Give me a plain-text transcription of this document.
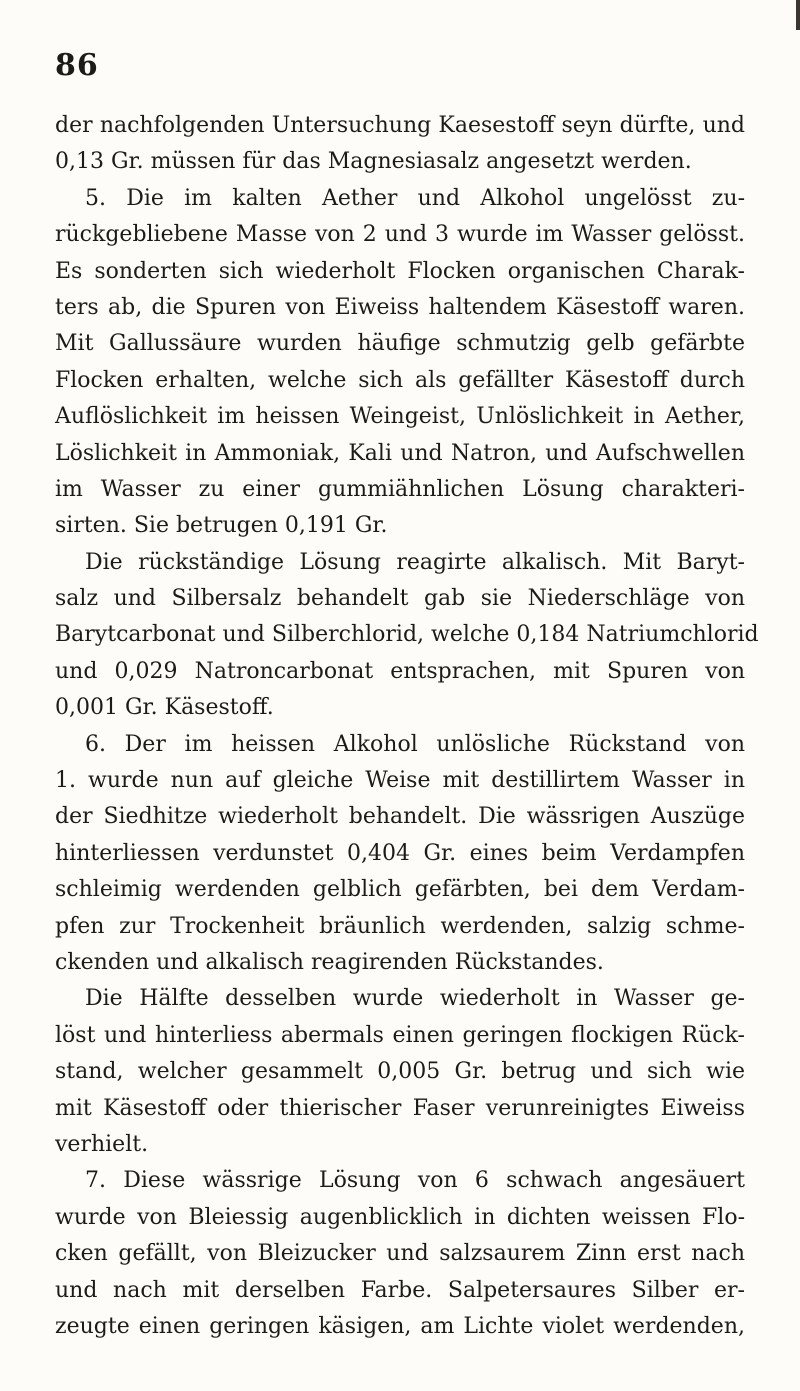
86
der nachfolgenden Untersuchung Kaesestoff seyn dürfte, und
0,13 Gr. müssen für das Magnesiasalz angesetzt werden.
5. Die im kalten Aether und Alkohol ungelösst zu-
rückgebliebene Masse von 2 und 3 wurde im Wasser gelösst.
Es sonderten sich wiederholt Flocken organischen Charak-
ters ab, die Spuren von Eiweiss haltendem Käsestoff waren.
Mit Gallussäure wurden häufige schmutzig gelb gefärbte
Flocken erhalten, welche sich als gefällter Käsestoff durch
Auflöslichkeit im heissen Weingeist, Unlöslichkeit in Aether,
Löslichkeit in Ammoniak, Kali und Natron, und Aufschwellen
im Wasser zu einer gummiähnlichen Lösung charakteri-
sirten. Sie betrugen 0,191 Gr.
Die rückständige Lösung reagirte alkalisch. Mit Baryt-
salz und Silbersalz behandelt gab sie Niederschläge von
Barytcarbonat und Silberchlorid, welche 0,184 Natriumchlorid
und 0,029 Natroncarbonat entsprachen, mit Spuren von
0,001 Gr. Käsestoff.
6. Der im heissen Alkohol unlösliche Rückstand von
1. wurde nun auf gleiche Weise mit destillirtem Wasser in
der Siedhitze wiederholt behandelt. Die wässrigen Auszüge
hinterliessen verdunstet 0,404 Gr. eines beim Verdampfen
schleimig werdenden gelblich gefärbten, bei dem Verdam-
pfen zur Trockenheit bräunlich werdenden, salzig schme-
ckenden und alkalisch reagirenden Rückstandes.
Die Hälfte desselben wurde wiederholt in Wasser ge-
löst und hinterliess abermals einen geringen flockigen Rück-
stand, welcher gesammelt 0,005 Gr. betrug und sich wie
mit Käsestoff oder thierischer Faser verunreinigtes Eiweiss
verhielt.
7. Diese wässrige Lösung von 6 schwach angesäuert
wurde von Bleiessig augenblicklich in dichten weissen Flo-
cken gefällt, von Bleizucker und salzsaurem Zinn erst nach
und nach mit derselben Farbe. Salpetersaures Silber er-
zeugte einen geringen käsigen, am Lichte violet werdenden,
